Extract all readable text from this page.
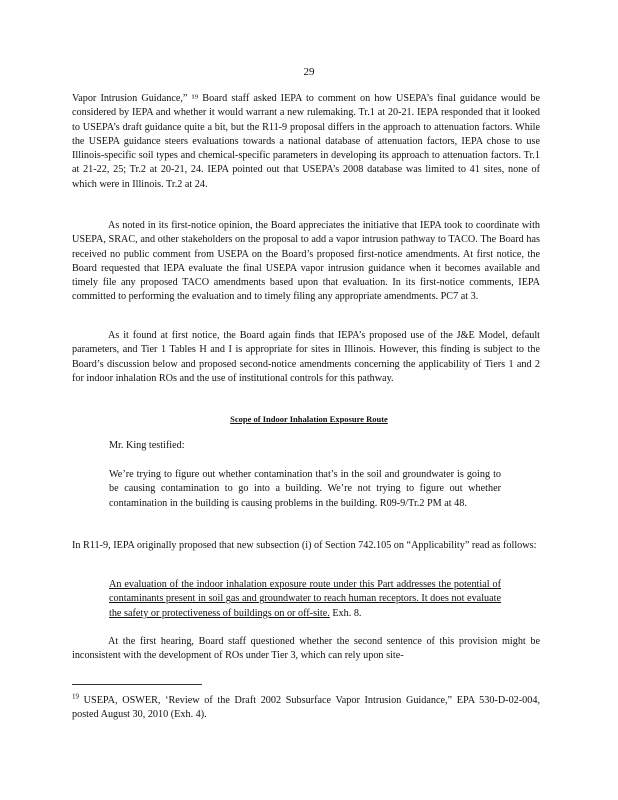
29
Vapor Intrusion Guidance,” ¹⁹ Board staff asked IEPA to comment on how USEPA’s final guidance would be considered by IEPA and whether it would warrant a new rulemaking. Tr.1 at 20-21. IEPA responded that it looked to USEPA’s draft guidance quite a bit, but the R11-9 proposal differs in the approach to attenuation factors. While the USEPA guidance steers evaluations towards a national database of attenuation factors, IEPA chose to use Illinois-specific soil types and chemical-specific parameters in developing its approach to attenuation factors. Tr.1 at 21-22, 25; Tr.2 at 20-21, 24. IEPA pointed out that USEPA’s 2008 database was limited to 41 sites, none of which were in Illinois. Tr.2 at 24.
As noted in its first-notice opinion, the Board appreciates the initiative that IEPA took to coordinate with USEPA, SRAC, and other stakeholders on the proposal to add a vapor intrusion pathway to TACO. The Board has received no public comment from USEPA on the Board’s proposed first-notice amendments. At first notice, the Board requested that IEPA evaluate the final USEPA vapor intrusion guidance when it becomes available and timely file any proposed TACO amendments based upon that evaluation. In its first-notice comments, IEPA committed to performing the evaluation and to timely filing any appropriate amendments. PC7 at 3.
As it found at first notice, the Board again finds that IEPA’s proposed use of the J&E Model, default parameters, and Tier 1 Tables H and I is appropriate for sites in Illinois. However, this finding is subject to the Board’s discussion below and proposed second-notice amendments concerning the applicability of Tiers 1 and 2 for indoor inhalation ROs and the use of institutional controls for this pathway.
Scope of Indoor Inhalation Exposure Route
Mr. King testified:
We’re trying to figure out whether contamination that’s in the soil and groundwater is going to be causing contamination to go into a building. We’re not trying to figure out whether contamination in the building is causing problems in the building. R09-9/Tr.2 PM at 48.
In R11-9, IEPA originally proposed that new subsection (i) of Section 742.105 on “Applicability” read as follows:
An evaluation of the indoor inhalation exposure route under this Part addresses the potential of contaminants present in soil gas and groundwater to reach human receptors. It does not evaluate the safety or protectiveness of buildings on or off-site. Exh. 8.
At the first hearing, Board staff questioned whether the second sentence of this provision might be inconsistent with the development of ROs under Tier 3, which can rely upon site-
$^{19}$ USEPA, OSWER, ‘Review of the Draft 2002 Subsurface Vapor Intrusion Guidance,” EPA 530-D-02-004, posted August 30, 2010 (Exh. 4).
